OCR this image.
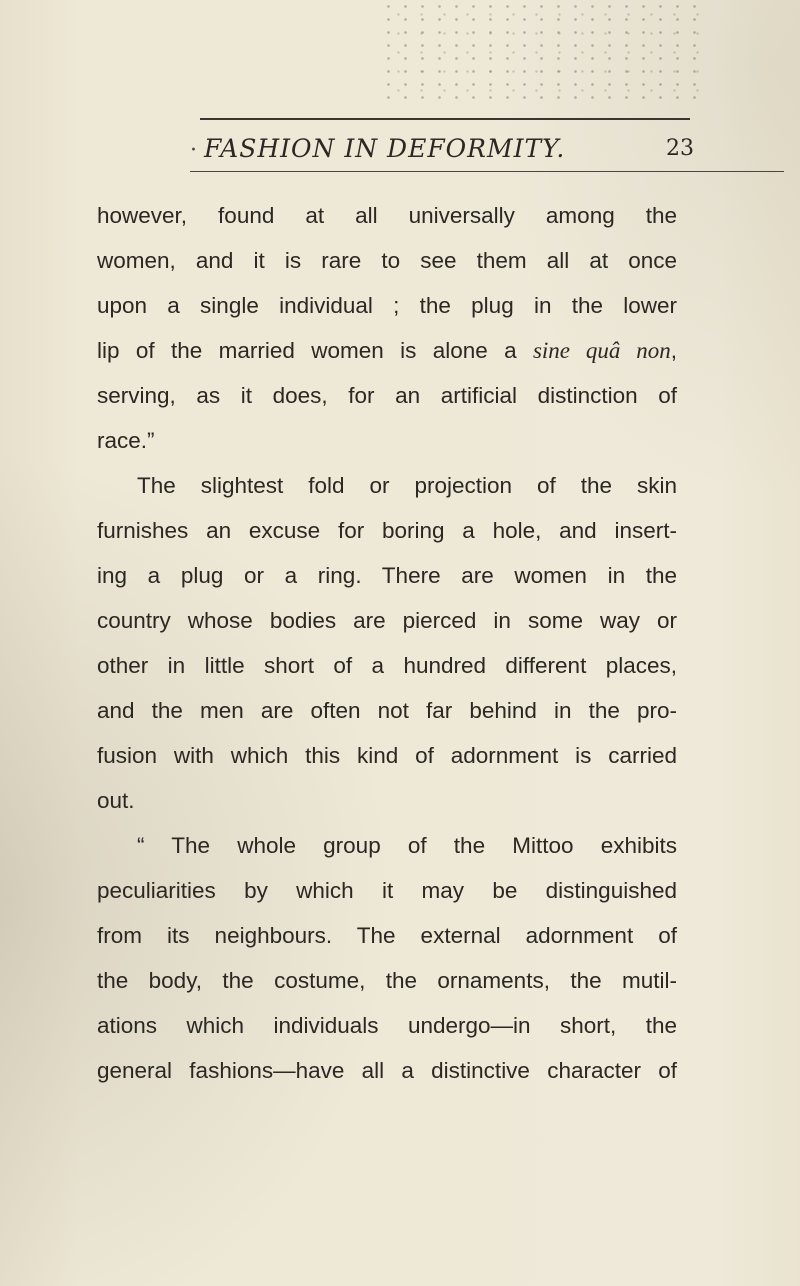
· FASHION IN DEFORMITY.	23
however, found at all universally among the
women, and it is rare to see them all at once
upon a single individual ; the plug in the lower
lip of the married women is alone a sine quâ non,
serving, as it does, for an artificial distinction of
race.”
The slightest fold or projection of the skin
furnishes an excuse for boring a hole, and insert-
ing a plug or a ring. There are women in the
country whose bodies are pierced in some way or
other in little short of a hundred different places,
and the men are often not far behind in the pro-
fusion with which this kind of adornment is carried
out.
“ The whole group of the Mittoo exhibits
peculiarities by which it may be distinguished
from its neighbours. The external adornment of
the body, the costume, the ornaments, the mutil-
ations which individuals undergo—in short, the
general fashions—have all a distinctive character of
